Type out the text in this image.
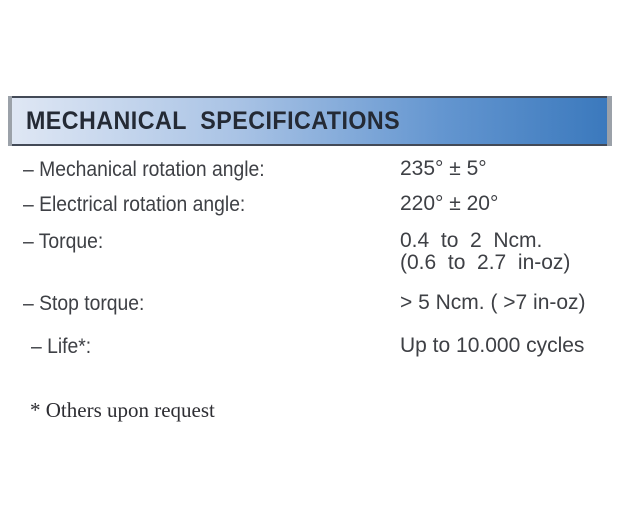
MECHANICAL  SPECIFICATIONS
– Mechanical rotation angle:	235° ± 5°
– Electrical rotation angle:	220° ± 20°
– Torque:	0.4  to  2  Ncm.
(0.6  to  2.7  in-oz)
– Stop torque:	> 5 Ncm. ( >7 in-oz)
– Life*:	Up to 10.000 cycles
* Others upon request
